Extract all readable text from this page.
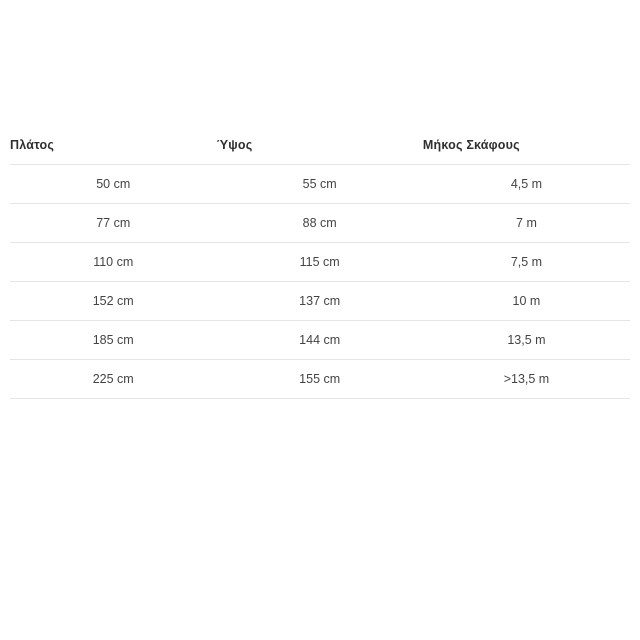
Πλάτος	Ύψος	Μήκος Σκάφους
50 cm	55 cm	4,5 m
77 cm	88 cm	7 m
110 cm	115 cm	7,5 m
152 cm	137 cm	10 m
185 cm	144 cm	13,5 m
225 cm	155 cm	>13,5 m
